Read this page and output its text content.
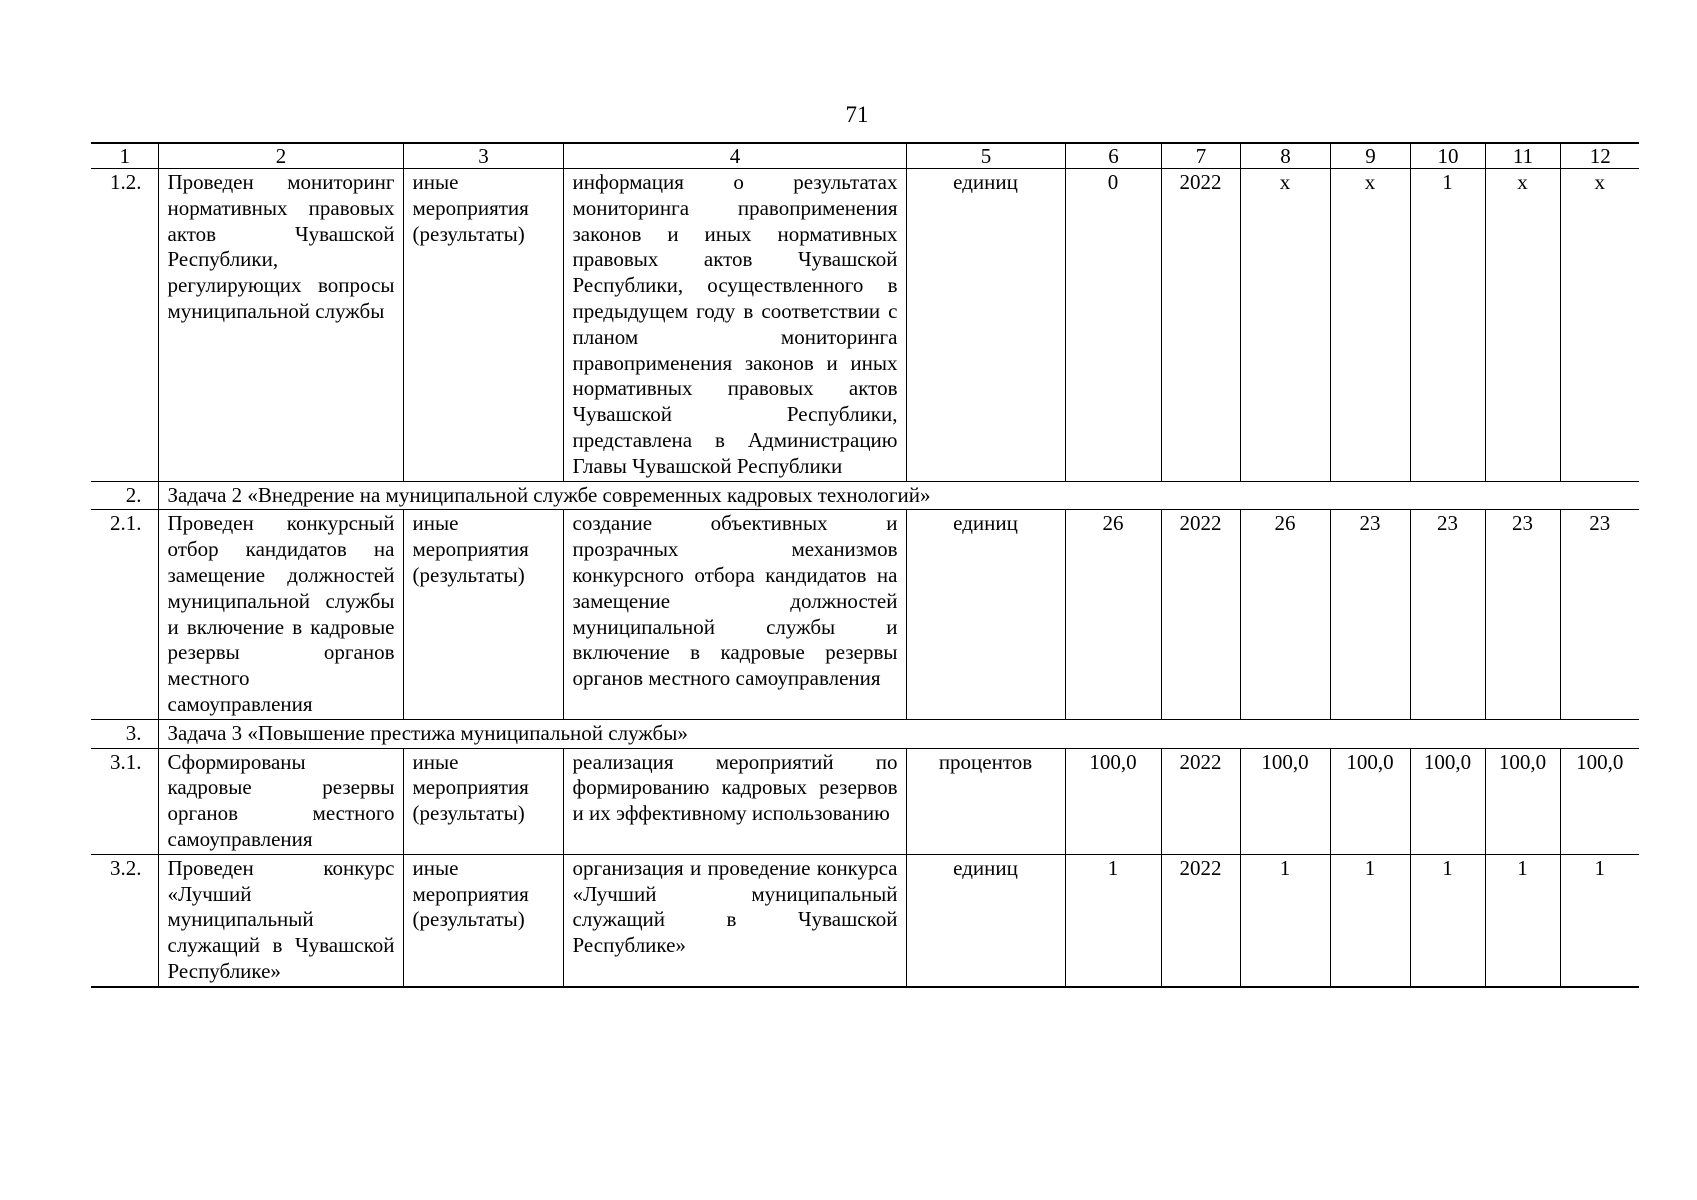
71
1	2	3	4	5	6	7	8	9	10	11	12
1.2.	Проведен мониторинг нормативных правовых актов Чувашской Республики, регулирующих вопросы муниципальной службы	иные мероприятия (результаты)	информация о результатах мониторинга правоприменения законов и иных нормативных правовых актов Чувашской Республики, осуществленного в предыдущем году в соответствии с планом мониторинга правоприменения законов и иных нормативных правовых актов Чувашской Республики, представлена в Администрацию Главы Чувашской Республики	единиц	0	2022	х	х	1	х	х
2.	Задача 2 «Внедрение на муниципальной службе современных кадровых технологий»										
2.1.	Проведен конкурсный отбор кандидатов на замещение должностей муниципальной службы и включение в кадровые резервы органов местного самоуправления	иные мероприятия (результаты)	создание объективных и прозрачных механизмов конкурсного отбора кандидатов на замещение должностей муниципальной службы и включение в кадровые резервы органов местного самоуправления	единиц	26	2022	26	23	23	23	23
3.	Задача 3 «Повышение престижа муниципальной службы»										
3.1.	Сформированы кадровые резервы органов местного самоуправления	иные мероприятия (результаты)	реализация мероприятий по формированию кадровых резервов и их эффективному использованию	процентов	100,0	2022	100,0	100,0	100,0	100,0	100,0
3.2.	Проведен конкурс «Лучший муниципальный служащий в Чувашской Республике»	иные мероприятия (результаты)	организация и проведение конкурса «Лучший муниципальный служащий в Чувашской Республике»	единиц	1	2022	1	1	1	1	1
